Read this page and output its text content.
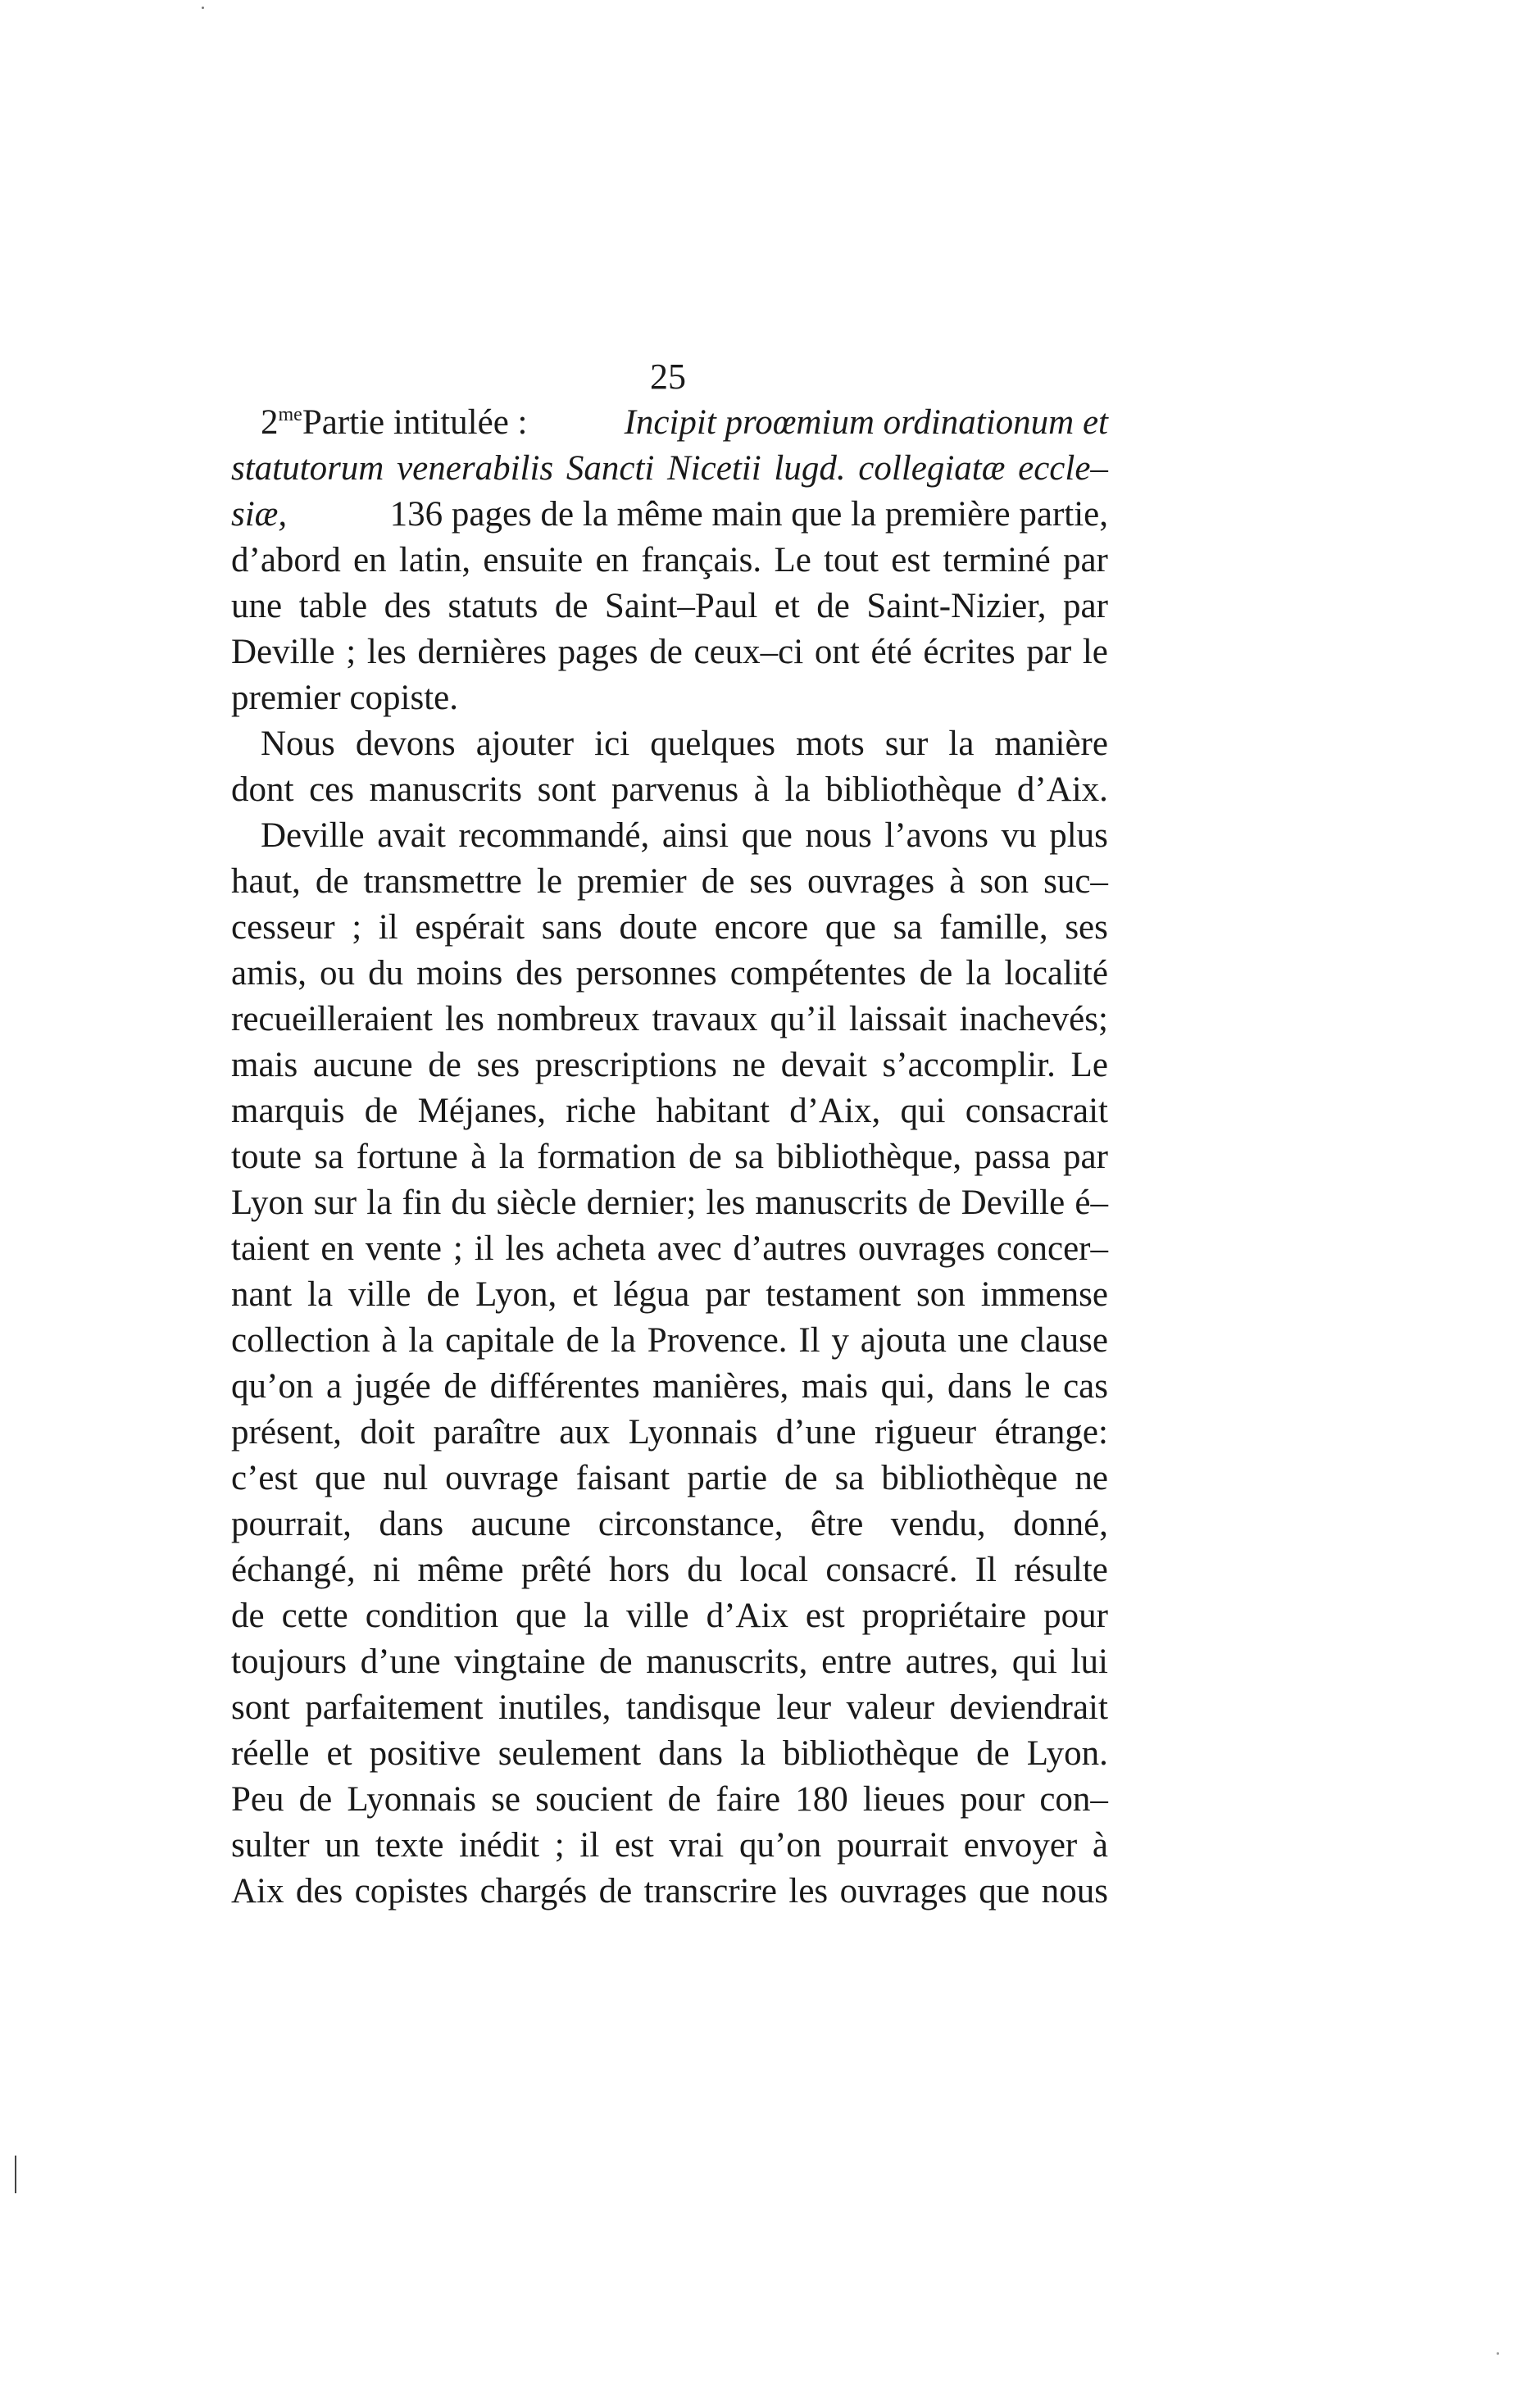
25
$2^{me}Partie$ intitulée :	Incipit proœmium ordinationum et
statutorum venerabilis Sancti Nicetii lugd. collegiatæ eccle–
siæ,	136 pages de la même main que la première partie,
d’abord en latin, ensuite en français. Le tout est terminé par
une table des statuts de Saint–Paul et de Saint-Nizier, par
Deville ; les dernières pages de ceux–ci ont été écrites par le
premier copiste.
Nous devons ajouter ici quelques mots sur la manière
dont ces manuscrits sont parvenus à la bibliothèque d’Aix.
Deville avait recommandé, ainsi que nous l’avons vu plus
haut, de transmettre le premier de ses ouvrages à son suc–
cesseur ; il espérait sans doute encore que sa famille, ses
amis, ou du moins des personnes compétentes de la localité
recueilleraient les nombreux travaux qu’il laissait inachevés;
mais aucune de ses prescriptions ne devait s’accomplir. Le
marquis de Méjanes, riche habitant d’Aix, qui consacrait
toute sa fortune à la formation de sa bibliothèque, passa par
Lyon sur la fin du siècle dernier; les manuscrits de Deville é–
taient en vente ; il les acheta avec d’autres ouvrages concer–
nant la ville de Lyon, et légua par testament son immense
collection à la capitale de la Provence. Il y ajouta une clause
qu’on a jugée de différentes manières, mais qui, dans le cas
présent, doit paraître aux Lyonnais d’une rigueur étrange:
c’est que nul ouvrage faisant partie de sa bibliothèque ne
pourrait, dans aucune circonstance, être vendu, donné,
échangé, ni même prêté hors du local consacré. Il résulte
de cette condition que la ville d’Aix est propriétaire pour
toujours d’une vingtaine de manuscrits, entre autres, qui lui
sont parfaitement inutiles, tandisque leur valeur deviendrait
réelle et positive seulement dans la bibliothèque de Lyon.
Peu de Lyonnais se soucient de faire 180 lieues pour con–
sulter un texte inédit ; il est vrai qu’on pourrait envoyer à
Aix des copistes chargés de transcrire les ouvrages que nous
